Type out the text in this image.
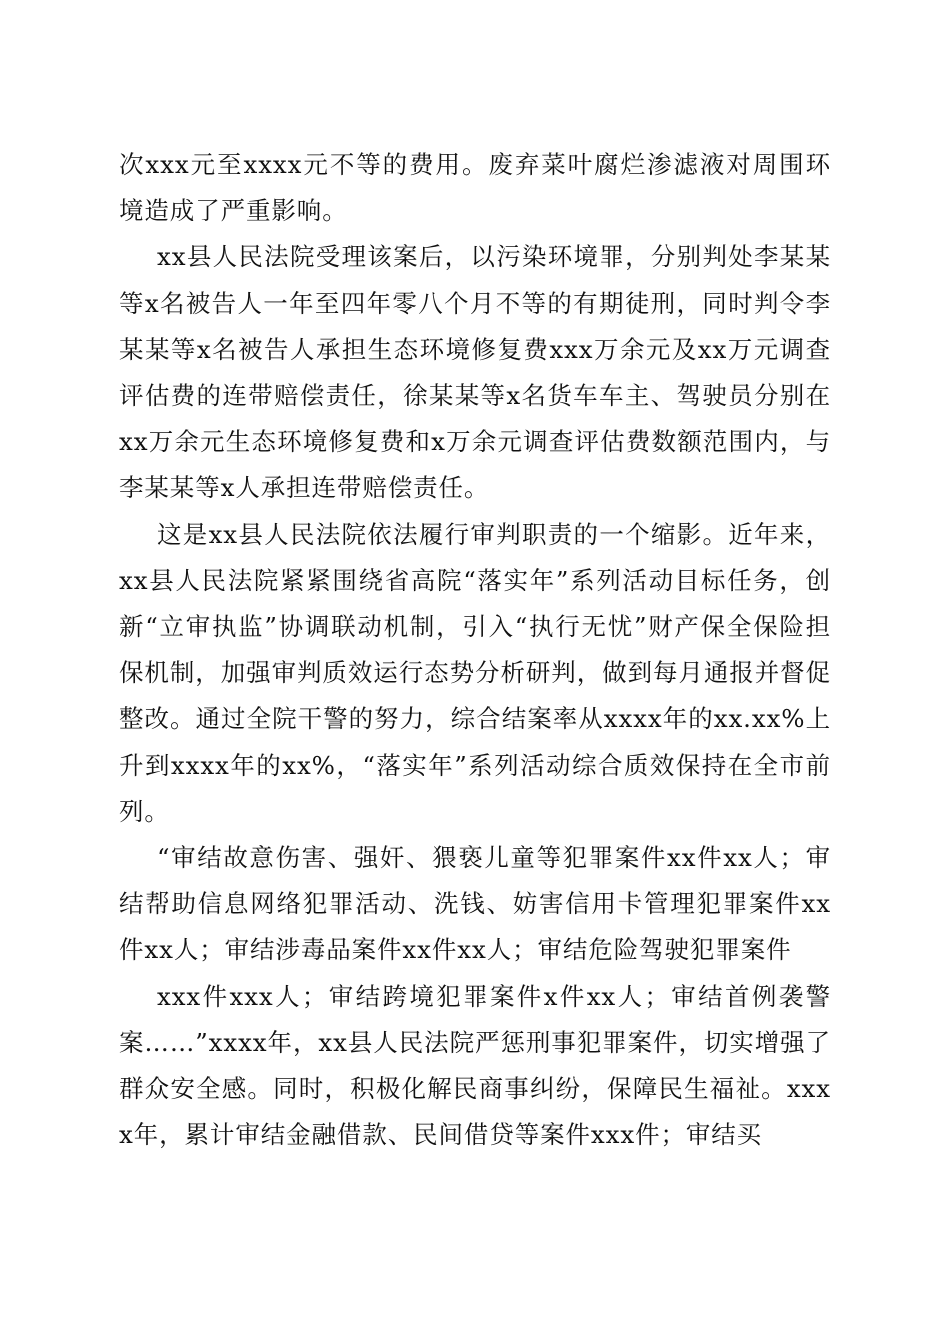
次xxx元至xxxx元不等的费用。废弃菜叶腐烂渗滤液对周围环境造成了严重影响。

xx县人民法院受理该案后，以污染环境罪，分别判处李某某等x名被告人一年至四年零八个月不等的有期徒刑，同时判令李某某等x名被告人承担生态环境修复费xxx万余元及xx万元调查评估费的连带赔偿责任，徐某某等x名货车车主、驾驶员分别在xx万余元生态环境修复费和x万余元调查评估费数额范围内，与李某某等x人承担连带赔偿责任。

这是xx县人民法院依法履行审判职责的一个缩影。近年来，xx县人民法院紧紧围绕省高院“落实年”系列活动目标任务，创新“立审执监”协调联动机制，引入“执行无忧”财产保全保险担保机制，加强审判质效运行态势分析研判，做到每月通报并督促整改。通过全院干警的努力，综合结案率从xxxx年的xx.xx%上升到xxxx年的xx%，“落实年”系列活动综合质效保持在全市前列。

“审结故意伤害、强奸、猥亵儿童等犯罪案件xx件xx人；审结帮助信息网络犯罪活动、洗钱、妨害信用卡管理犯罪案件xx件xx人；审结涉毒品案件xx件xx人；审结危险驾驶犯罪案件

xxx件xxx人；审结跨境犯罪案件x件xx人；审结首例袭警案……”xxxx年，xx县人民法院严惩刑事犯罪案件，切实增强了群众安全感。同时，积极化解民商事纠纷，保障民生福祉。xxxx年，累计审结金融借款、民间借贷等案件xxx件；审结买
